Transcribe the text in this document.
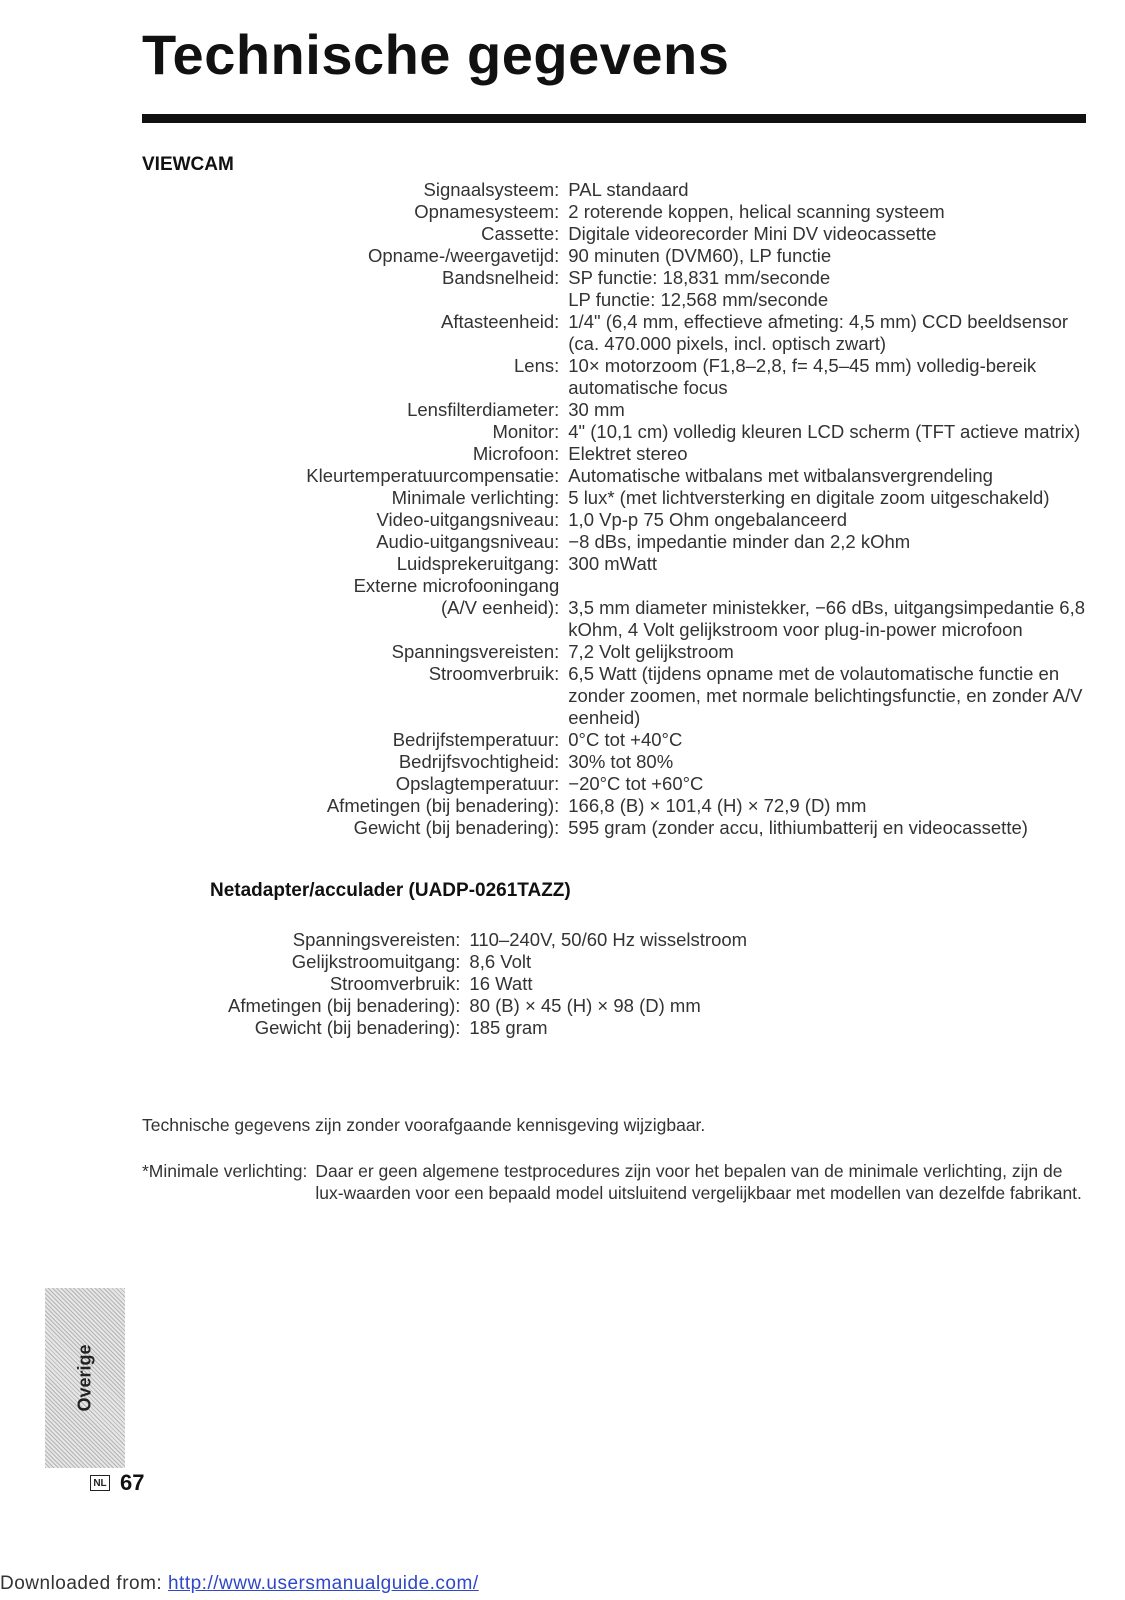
Technische gegevens
VIEWCAM
Signaalsysteem:	PAL standaard

Opnamesysteem:	2 roterende koppen, helical scanning systeem

Cassette:	Digitale videorecorder Mini DV videocassette

Opname-/weergavetijd:	90 minuten (DVM60), LP functie

Bandsnelheid:	SP functie: 18,831 mm/seconde
LP functie: 12,568 mm/seconde

Aftasteenheid:	1/4" (6,4 mm, effectieve afmeting: 4,5 mm) CCD beeldsensor
(ca. 470.000 pixels, incl. optisch zwart)

Lens:	10× motorzoom (F1,8–2,8, f= 4,5–45 mm) volledig-bereik
automatische focus

Lensfilterdiameter:	30 mm

Monitor:	4" (10,1 cm) volledig kleuren LCD scherm (TFT actieve matrix)

Microfoon:	Elektret stereo

Kleurtemperatuurcompensatie:	Automatische witbalans met witbalansvergrendeling

Minimale verlichting:	5 lux* (met lichtversterking en digitale zoom uitgeschakeld)

Video-uitgangsniveau:	1,0 Vp-p 75 Ohm ongebalanceerd

Audio-uitgangsniveau:	−8 dBs, impedantie minder dan 2,2 kOhm

Luidsprekeruitgang:	300 mWatt

Externe microfooningang	

(A/V eenheid):	3,5 mm diameter ministekker, −66 dBs, uitgangsimpedantie 6,8
kOhm, 4 Volt gelijkstroom voor plug-in-power microfoon

Spanningsvereisten:	7,2 Volt gelijkstroom

Stroomverbruik:	6,5 Watt (tijdens opname met de volautomatische functie en
zonder zoomen, met normale belichtingsfunctie, en zonder A/V
eenheid)

Bedrijfstemperatuur:	0°C tot +40°C

Bedrijfsvochtigheid:	30% tot 80%

Opslagtemperatuur:	−20°C tot +60°C

Afmetingen (bij benadering):	166,8 (B) × 101,4 (H) × 72,9 (D) mm

Gewicht (bij benadering):	595 gram (zonder accu, lithiumbatterij en videocassette)
Netadapter/acculader (UADP-0261TAZZ)
Spanningsvereisten:	110–240V, 50/60 Hz wisselstroom

Gelijkstroomuitgang:	8,6 Volt

Stroomverbruik:	16 Watt

Afmetingen (bij benadering):	80 (B) × 45 (H) × 98 (D) mm

Gewicht (bij benadering):	185 gram

Technische gegevens zijn zonder voorafgaande kennisgeving wijzigbaar.

*Minimale verlichting: Daar er geen algemene testprocedures zijn voor het bepalen van de minimale verlichting, zijn de lux-waarden voor een bepaald model uitsluitend vergelijkbaar met modellen van dezelfde fabrikant.
Overige
NL 67

Downloaded from: http://www.usersmanualguide.com/
